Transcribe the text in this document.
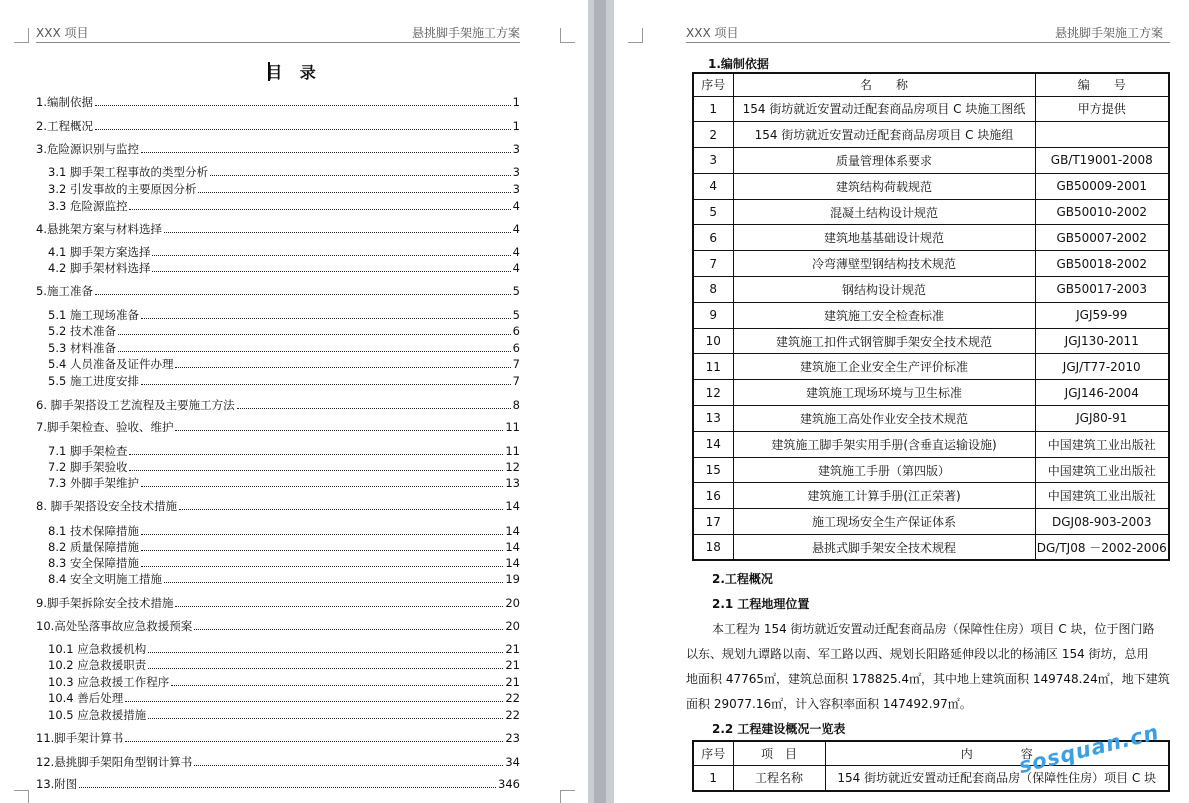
XXX 项目	悬挑脚手架施工方案
目 录
1.编制依据	1
2.工程概况	1
3.危险源识别与监控	3
3.1 脚手架工程事故的类型分析	3
3.2 引发事故的主要原因分析	3
3.3 危险源监控	4
4.悬挑架方案与材料选择	4
4.1 脚手架方案选择	4
4.2 脚手架材料选择	4
5.施工准备	5
5.1 施工现场准备	5
5.2 技术准备	6
5.3 材料准备	6
5.4 人员准备及证件办理	7
5.5 施工进度安排	7
6. 脚手架搭设工艺流程及主要施工方法	8
7.脚手架检查、验收、维护	11
7.1 脚手架检查	11
7.2 脚手架验收	12
7.3 外脚手架维护	13
8. 脚手架搭设安全技术措施	14
8.1 技术保障措施	14
8.2 质量保障措施	14
8.3 安全保障措施	14
8.4 安全文明施工措施	19
9.脚手架拆除安全技术措施	20
10.高处坠落事故应急救援预案	20
10.1 应急救援机构	21
10.2 应急救援职责	21
10.3 应急救援工作程序	21
10.4 善后处理	22
10.5 应急救援措施	22
11.脚手架计算书	23
12.悬挑脚手架阳角型钢计算书	34
13.附图	346
XXX 项目	悬挑脚手架施工方案
1.编制依据
序号	名　　称	编　　号
1	154 街坊就近安置动迁配套商品房项目 C 块施工图纸	甲方提供
2	154 街坊就近安置动迁配套商品房项目 C 块施组	
3	质量管理体系要求	GB/T19001-2008
4	建筑结构荷载规范	GB50009-2001
5	混凝土结构设计规范	GB50010-2002
6	建筑地基基础设计规范	GB50007-2002
7	冷弯薄壁型钢结构技术规范	GB50018-2002
8	钢结构设计规范	GB50017-2003
9	建筑施工安全检查标准	JGJ59-99
10	建筑施工扣件式钢管脚手架安全技术规范	JGJ130-2011
11	建筑施工企业安全生产评价标准	JGJ/T77-2010
12	建筑施工现场环境与卫生标准	JGJ146-2004
13	建筑施工高处作业安全技术规范	JGJ80-91
14	建筑施工脚手架实用手册(含垂直运输设施)	中国建筑工业出版社
15	建筑施工手册（第四版）	中国建筑工业出版社
16	建筑施工计算手册(江正荣著)	中国建筑工业出版社
17	施工现场安全生产保证体系	DGJ08-903-2003
18	悬挑式脚手架安全技术规程	DG/TJ08 －2002-2006
2.工程概况
2.1 工程地理位置
本工程为 154 街坊就近安置动迁配套商品房（保障性住房）项目 C 块，位于图门路
以东、规划九谭路以南、军工路以西、规划长阳路延伸段以北的杨浦区 154 街坊，总用
地面积 47765㎡，建筑总面积 178825.4㎡，其中地上建筑面积 149748.24㎡，地下建筑
面积 29077.16㎡，计入容积率面积 147492.97㎡。
2.2 工程建设概况一览表
序号	项　目	内　　　　容
1	工程名称	154 街坊就近安置动迁配套商品房（保障性住房）项目 C 块
sosquan.cn
